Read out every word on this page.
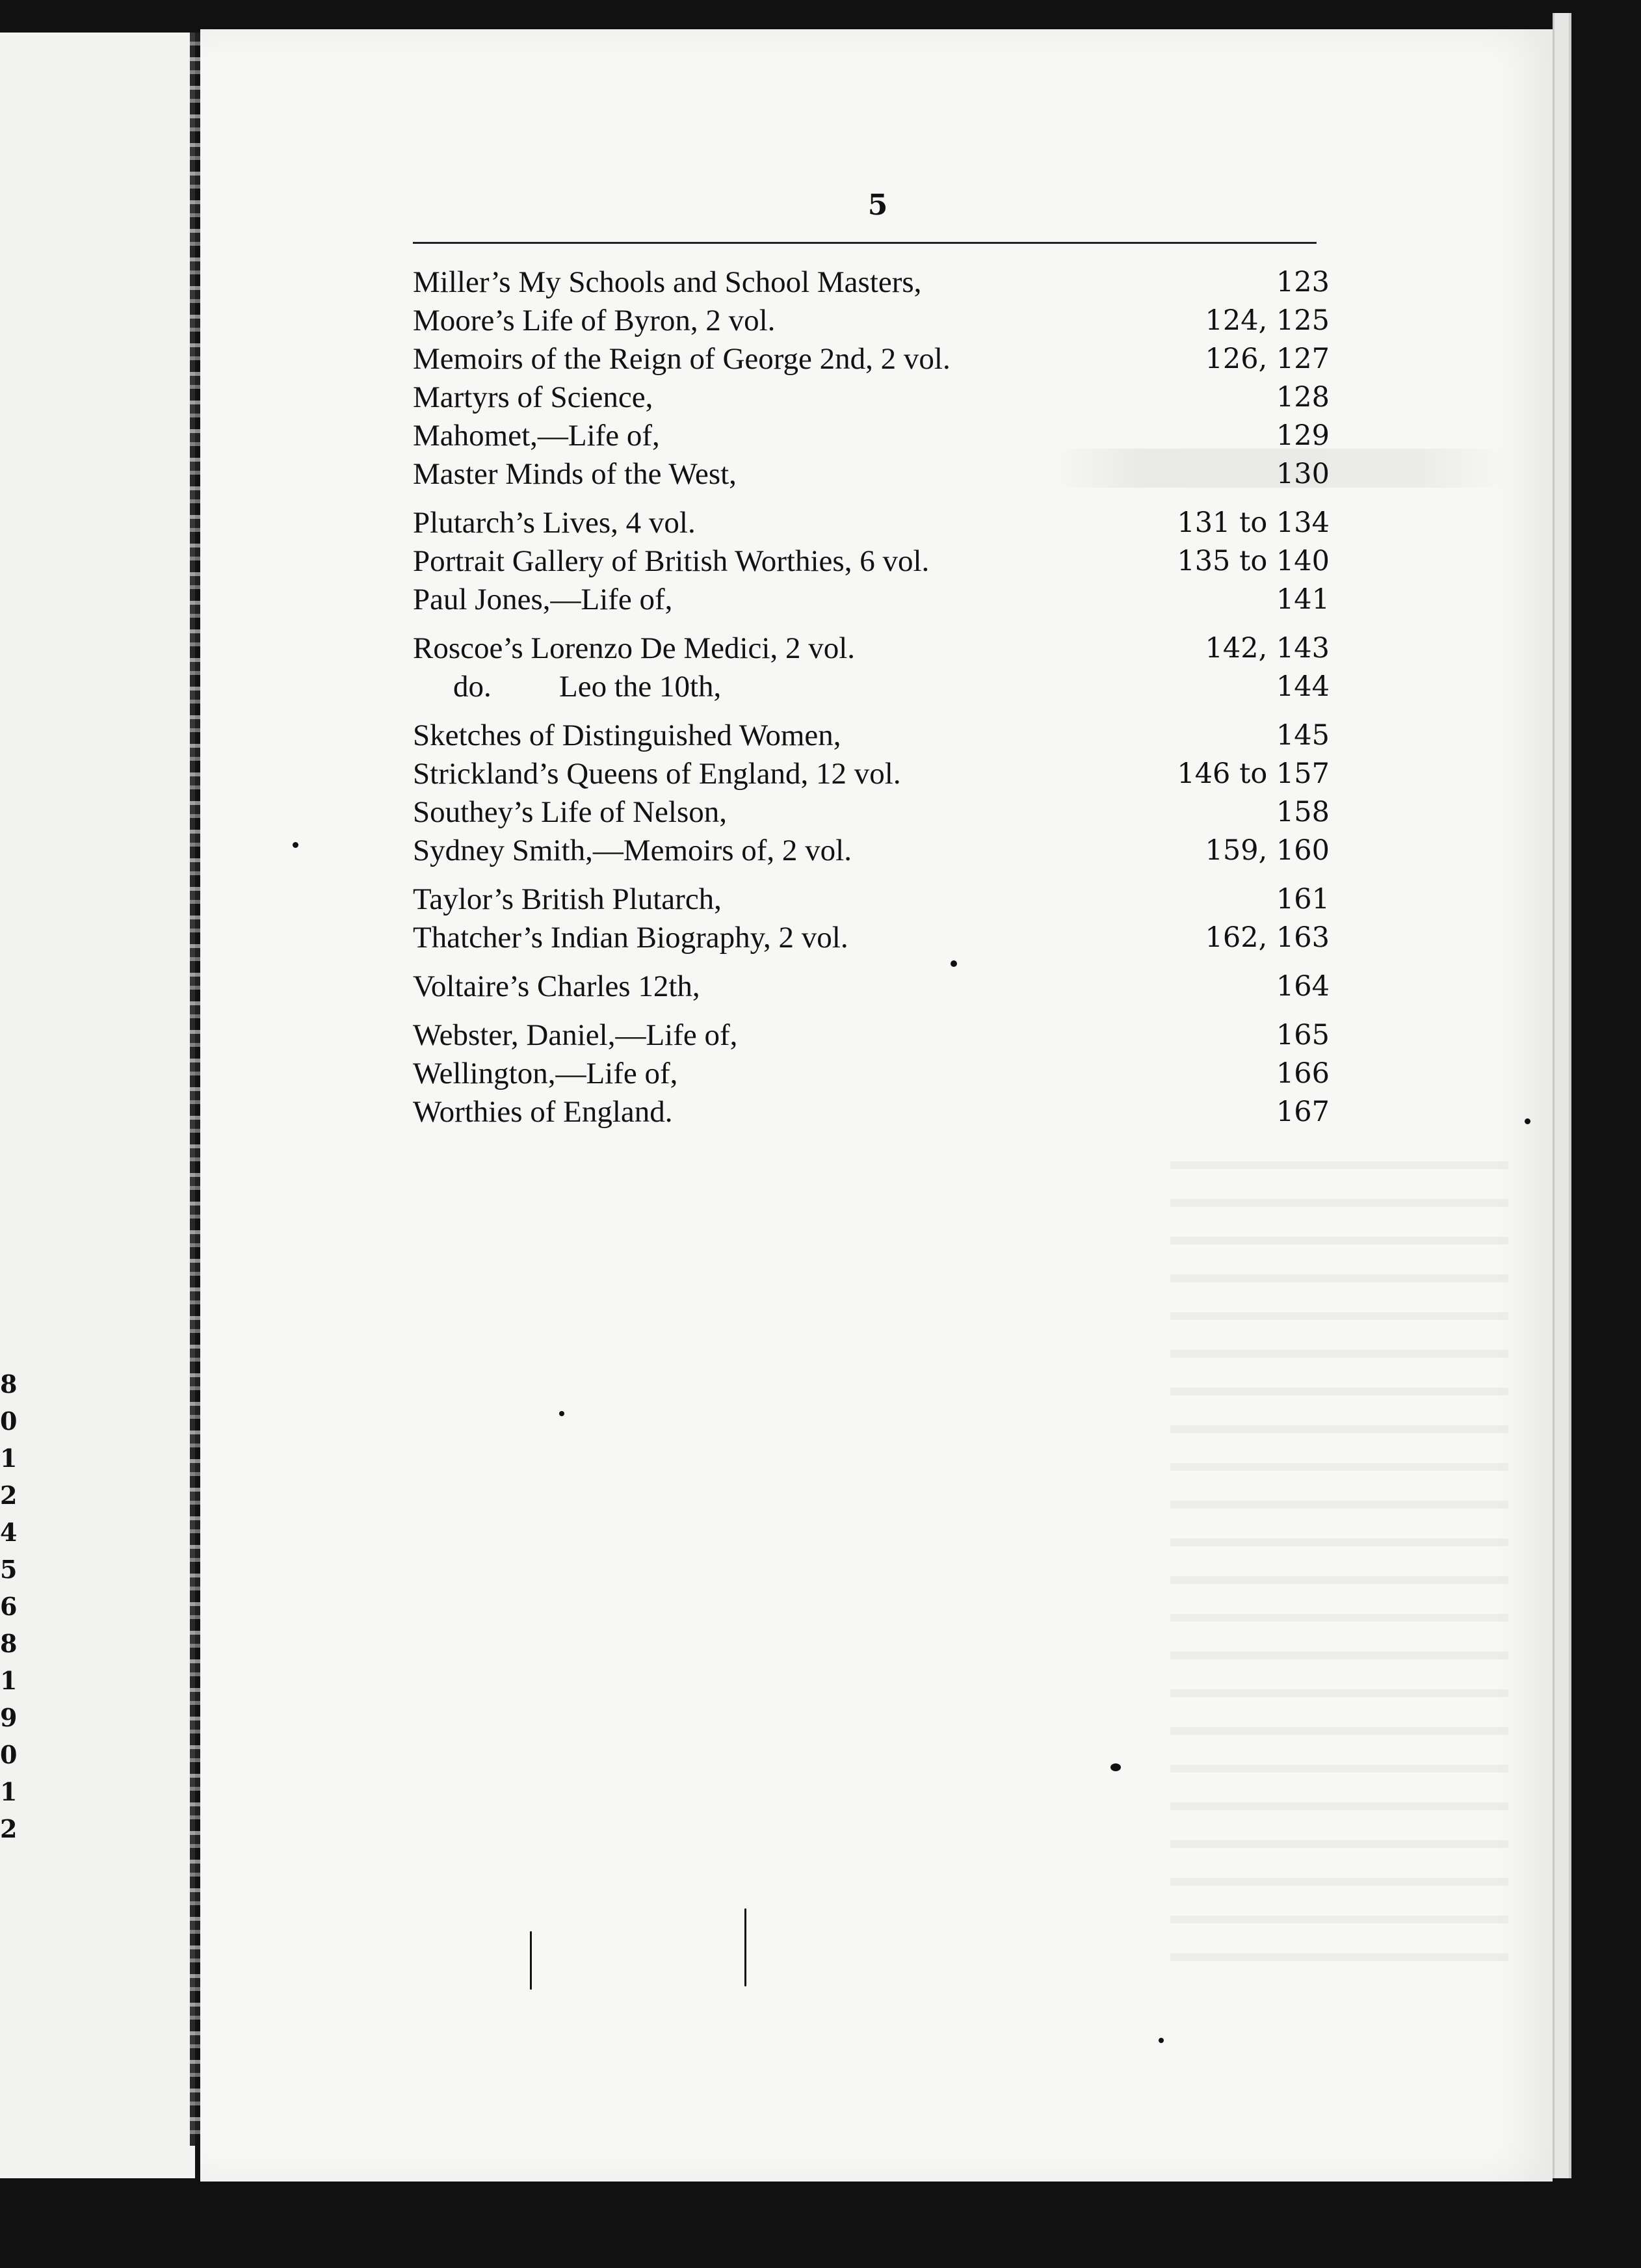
8
0
1
2
4
5
6
8
1
9
0
1
2
5
Miller’s My Schools and School Masters,	123
Moore’s Life of Byron, 2 vol.	124, 125
Memoirs of the Reign of George 2nd, 2 vol.	126, 127
Martyrs of Science,	128
Mahomet,—Life of,	129
Master Minds of the West,	130
Plutarch’s Lives, 4 vol.	131 to 134
Portrait Gallery of British Worthies, 6 vol.	135 to 140
Paul Jones,—Life of,	141
Roscoe’s Lorenzo De Medici, 2 vol.	142, 143
do. Leo the 10th,	144
Sketches of Distinguished Women,	145
Strickland’s Queens of England, 12 vol.	146 to 157
Southey’s Life of Nelson,	158
Sydney Smith,—Memoirs of, 2 vol.	159, 160
Taylor’s British Plutarch,	161
Thatcher’s Indian Biography, 2 vol.	162, 163
Voltaire’s Charles 12th,	164
Webster, Daniel,—Life of,	165
Wellington,—Life of,	166
Worthies of England.	167
